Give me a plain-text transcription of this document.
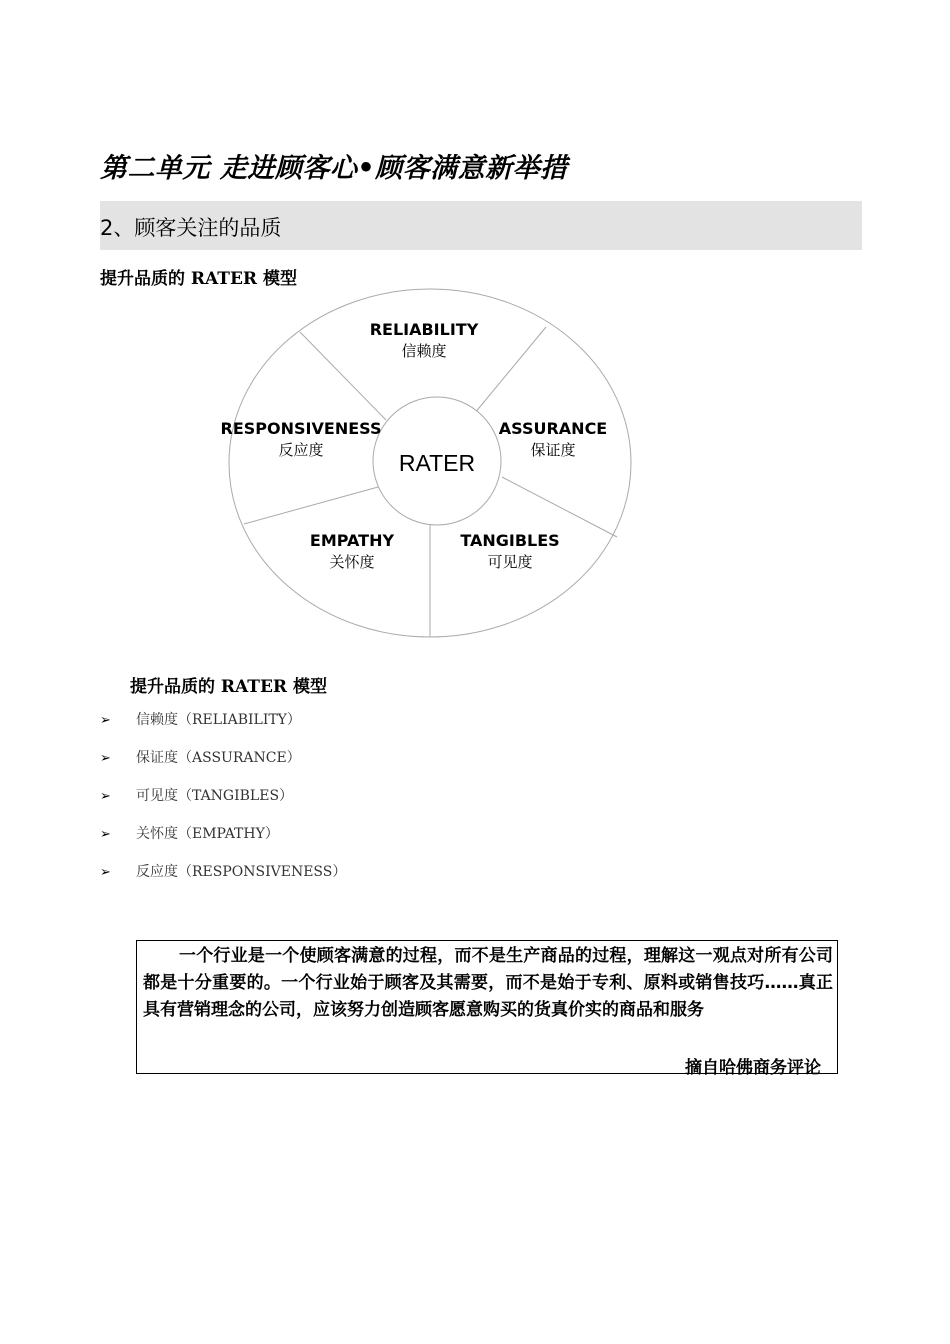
第二单元 走进顾客心•顾客满意新举措
2、顾客关注的品质
提升品质的 RATER 模型
RATER
RELIABILITY
信赖度
ASSURANCE
保证度
TANGIBLES
可见度
EMPATHY
关怀度
RESPONSIVENESS
反应度
提升品质的 RATER 模型
➢ 信赖度（RELIABILITY）
➢ 保证度（ASSURANCE）
➢ 可见度（TANGIBLES）
➢ 关怀度（EMPATHY）
➢ 反应度（RESPONSIVENESS）
一个行业是一个使顾客满意的过程，而不是生产商品的过程，理解这一观点对所有公司都是十分重要的。一个行业始于顾客及其需要，而不是始于专利、原料或销售技巧……真正具有营销理念的公司，应该努力创造顾客愿意购买的货真价实的商品和服务
摘自哈佛商务评论
